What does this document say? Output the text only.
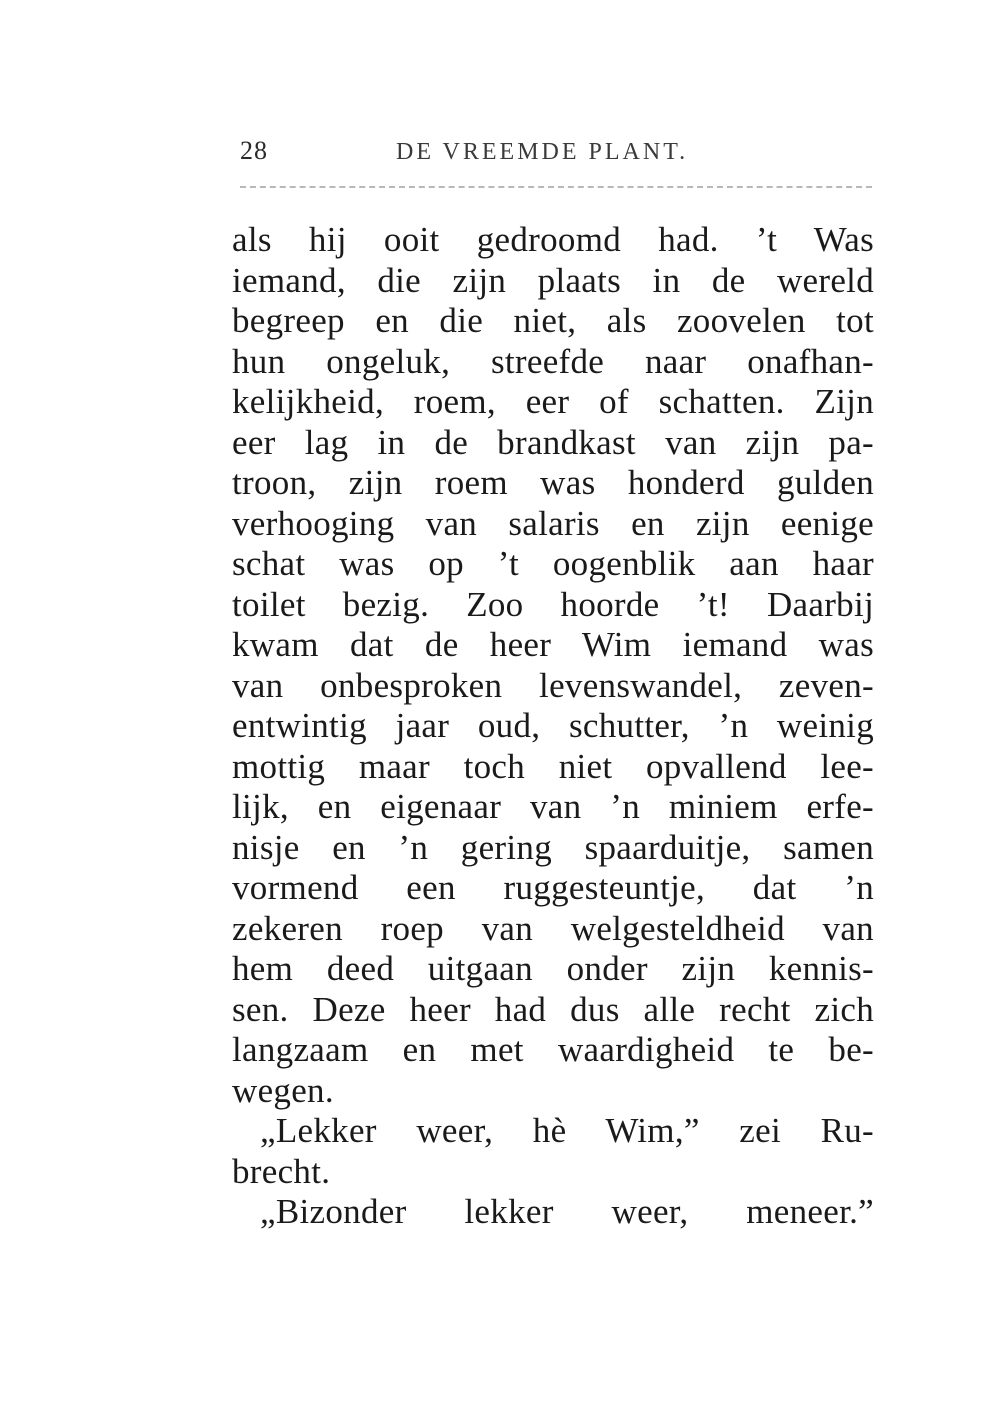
28	DE VREEMDE PLANT.
als hij ooit gedroomd had. ’t Was
iemand, die zijn plaats in de wereld
begreep en die niet, als zoovelen tot
hun ongeluk, streefde naar onafhan-
kelijkheid, roem, eer of schatten. Zijn
eer lag in de brandkast van zijn pa-
troon, zijn roem was honderd gulden
verhooging van salaris en zijn eenige
schat was op ’t oogenblik aan haar
toilet bezig. Zoo hoorde ’t! Daarbij
kwam dat de heer Wim iemand was
van onbesproken levenswandel, zeven-
entwintig jaar oud, schutter, ’n weinig
mottig maar toch niet opvallend lee-
lijk, en eigenaar van ’n miniem erfe-
nisje en ’n gering spaarduitje, samen
vormend een ruggesteuntje, dat ’n
zekeren roep van welgesteldheid van
hem deed uitgaan onder zijn kennis-
sen. Deze heer had dus alle recht zich
langzaam en met waardigheid te be-
wegen.
„Lekker weer, hè Wim,” zei Ru-
brecht.
„Bizonder lekker weer, meneer.”
